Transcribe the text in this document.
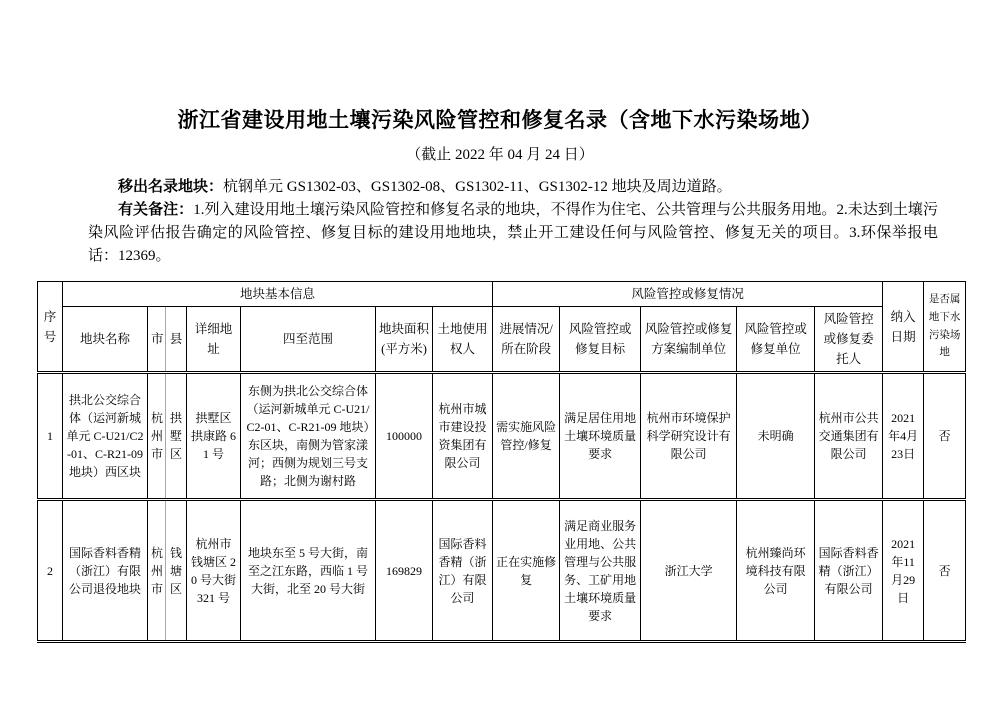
浙江省建设用地土壤污染风险管控和修复名录（含地下水污染场地）
（截止 2022 年 04 月 24 日）

移出名录地块：杭钢单元 GS1302-03、GS1302-08、GS1302-11、GS1302-12 地块及周边道路。

有关备注：1.列入建设用地土壤污染风险管控和修复名录的地块，不得作为住宅、公共管理与公共服务用地。2.未达到土壤污染风险评估报告确定的风险管控、修复目标的建设用地地块，禁止开工建设任何与风险管控、修复无关的项目。3.环保举报电话：12369。

序号	地块基本信息							风险管控或修复情况					纳入日期	是否属地下水污染场地
	地块名称	市	县	详细地址	四至范围	地块面积(平方米)	土地使用权人	进展情况/所在阶段	风险管控或修复目标	风险管控或修复方案编制单位	风险管控或修复单位	风险管控或修复委托人		
1	拱北公交综合体（运河新城单元 C-U21/C2-01、C-R21-09 地块）西区块	杭州市	拱墅区	拱墅区拱康路 61 号	东侧为拱北公交综合体（运河新城单元 C-U21/C2-01、C-R21-09 地块）东区块，南侧为管家漾河；西侧为规划三号支路；北侧为谢村路	100000	杭州市城市建设投资集团有限公司	需实施风险管控/修复	满足居住用地土壤环境质量要求	杭州市环境保护科学研究设计有限公司	未明确	杭州市公共交通集团有限公司	2021年4月23日	否
2	国际香料香精（浙江）有限公司退役地块	杭州市	钱塘区	杭州市钱塘区 20 号大街 321 号	地块东至 5 号大街，南至之江东路，西临 1 号大街，北至 20 号大街	169829	国际香料香精（浙江）有限公司	正在实施修复	满足商业服务业用地、公共管理与公共服务、工矿用地土壤环境质量要求	浙江大学	杭州臻尚环境科技有限公司	国际香料香精（浙江）有限公司	2021年11月29日	否
